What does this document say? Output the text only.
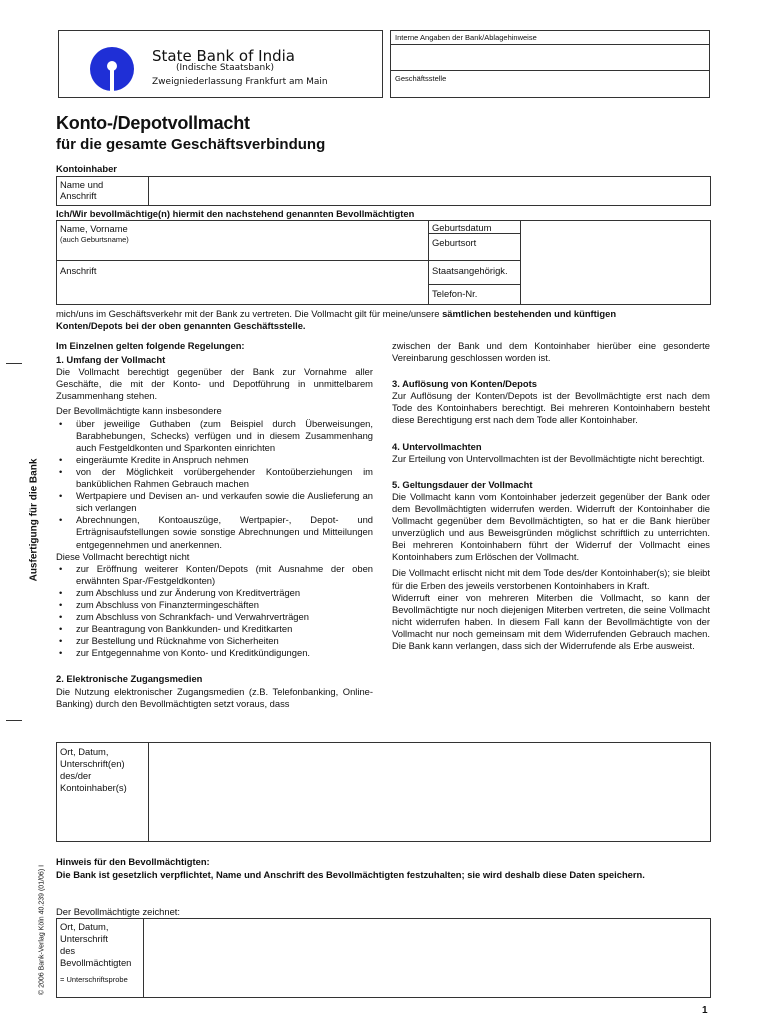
State Bank of India
(Indische Staatsbank)
Zweigniederlassung Frankfurt am Main
Interne Angaben der Bank/Ablagehinweise
Geschäftsstelle
Konto-/Depotvollmacht
für die gesamte Geschäftsverbindung
Kontoinhaber
Name und
Anschrift
Ich/Wir bevollmächtige(n) hiermit den nachstehend genannten Bevollmächtigten
Name, Vorname
(auch Geburtsname)
Geburtsdatum
Geburtsort
Anschrift	Staatsangehörigk.
Telefon-Nr.
mich/uns im Geschäftsverkehr mit der Bank zu vertreten. Die Vollmacht gilt für meine/unsere sämtlichen bestehenden und künftigen
Konten/Depots bei der oben genannten Geschäftsstelle.

Im Einzelnen gelten folgende Regelungen:

1. Umfang der Vollmacht

Die Vollmacht berechtigt gegenüber der Bank zur Vornahme aller Geschäfte, die mit der Konto- und Depotführung in unmittelbarem Zusammenhang stehen.

Der Bevollmächtigte kann insbesondere

• über jeweilige Guthaben (zum Beispiel durch Überweisungen, Barabhebungen, Schecks) verfügen und in diesem Zusammenhang auch Festgeldkonten und Sparkonten einrichten
• eingeräumte Kredite in Anspruch nehmen
• von der Möglichkeit vorübergehender Kontoüberziehungen im banküblichen Rahmen Gebrauch machen
• Wertpapiere und Devisen an- und verkaufen sowie die Auslieferung an sich verlangen
• Abrechnungen, Kontoauszüge, Wertpapier-, Depot- und Erträgnisaufstellungen sowie sonstige Abrechnungen und Mitteilungen entgegennehmen und anerkennen.

Diese Vollmacht berechtigt nicht

• zur Eröffnung weiterer Konten/Depots (mit Ausnahme der oben erwähnten Spar-/Festgeldkonten)
• zum Abschluss und zur Änderung von Kreditverträgen
• zum Abschluss von Finanztermingeschäften
• zum Abschluss von Schrankfach- und Verwahrverträgen
• zur Beantragung von Bankkunden- und Kreditkarten
• zur Bestellung und Rücknahme von Sicherheiten
• zur Entgegennahme von Konto- und Kreditkündigungen.

2. Elektronische Zugangsmedien

Die Nutzung elektronischer Zugangsmedien (z.B. Telefonbanking, Online-Banking) durch den Bevollmächtigten setzt voraus, dass

zwischen der Bank und dem Kontoinhaber hierüber eine gesonderte Vereinbarung geschlossen worden ist.

3. Auflösung von Konten/Depots

Zur Auflösung der Konten/Depots ist der Bevollmächtigte erst nach dem Tode des Kontoinhabers berechtigt. Bei mehreren Kontoinhabern besteht diese Berechtigung erst nach dem Tode aller Kontoinhaber.

4. Untervollmachten

Zur Erteilung von Untervollmachten ist der Bevollmächtigte nicht berechtigt.

5. Geltungsdauer der Vollmacht

Die Vollmacht kann vom Kontoinhaber jederzeit gegenüber der Bank oder dem Bevollmächtigten widerrufen werden. Widerruft der Kontoinhaber die Vollmacht gegenüber dem Bevollmächtigten, so hat er die Bank hierüber unverzüglich und aus Beweisgründen möglichst schriftlich zu unterrichten. Bei mehreren Kontoinhabern führt der Widerruf der Vollmacht eines Kontoinhabers zum Erlöschen der Vollmacht.

Die Vollmacht erlischt nicht mit dem Tode des/der Kontoinhaber(s); sie bleibt für die Erben des jeweils verstorbenen Kontoinhabers in Kraft.

Widerruft einer von mehreren Miterben die Vollmacht, so kann der Bevollmächtigte nur noch diejenigen Miterben vertreten, die seine Vollmacht nicht widerrufen haben. In diesem Fall kann der Bevollmächtigte von der Vollmacht nur noch gemeinsam mit dem Widerrufenden Gebrauch machen. Die Bank kann verlangen, dass sich der Widerrufende als Erbe ausweist.

Ort, Datum,
Unterschrift(en)
des/der
Kontoinhaber(s)
Hinweis für den Bevollmächtigten:
Die Bank ist gesetzlich verpflichtet, Name und Anschrift des Bevollmächtigten festzuhalten; sie wird deshalb diese Daten speichern.
Der Bevollmächtigte zeichnet:
Ort, Datum,
Unterschrift
des
Bevollmächtigten
= Unterschriftsprobe
Ausfertigung für die Bank
© 2006 Bank-Verlag Köln 40.239 (01/06) I
1
